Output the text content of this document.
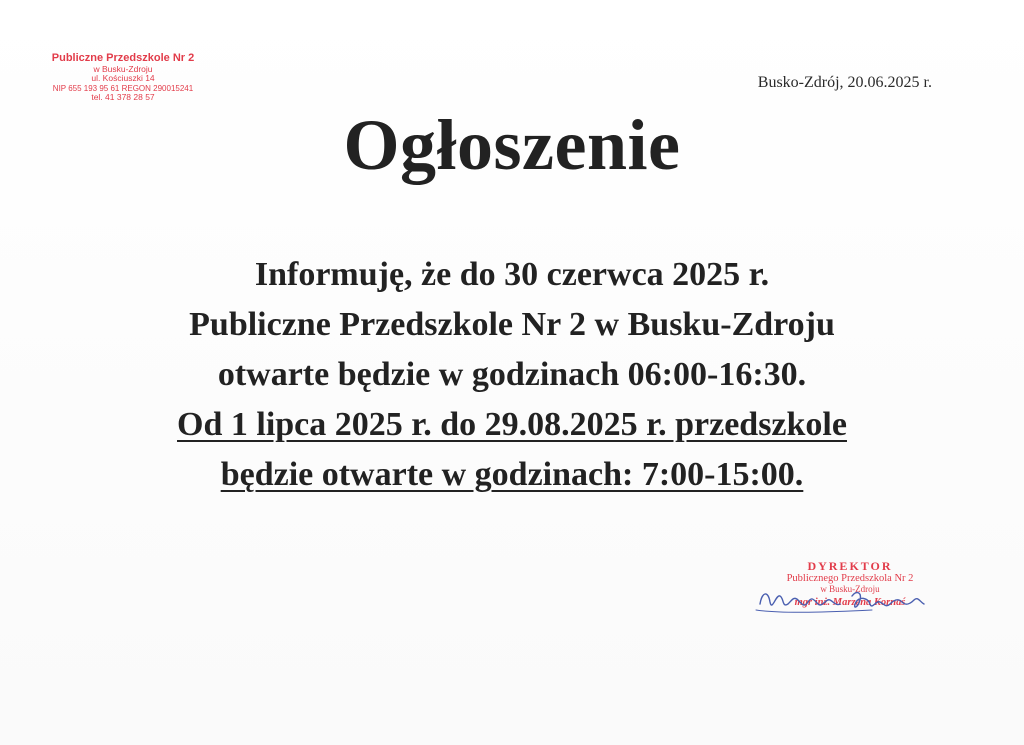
Publiczne Przedszkole Nr 2
w Busku-Zdroju
ul. Kościuszki 14
NIP 655 193 95 61 REGON 290015241
tel. 41 378 28 57
Busko-Zdrój, 20.06.2025 r.
Ogłoszenie
Informuję, że do 30 czerwca 2025 r.
Publiczne Przedszkole Nr 2 w Busku-Zdroju
otwarte będzie w godzinach 06:00-16:30.
Od 1 lipca 2025 r. do 29.08.2025 r. przedszkole
będzie otwarte w godzinach: 7:00-15:00.
DYREKTOR
Publicznego Przedszkola Nr 2
w Busku-Zdroju
mgr inż. Marzena Kornaś
